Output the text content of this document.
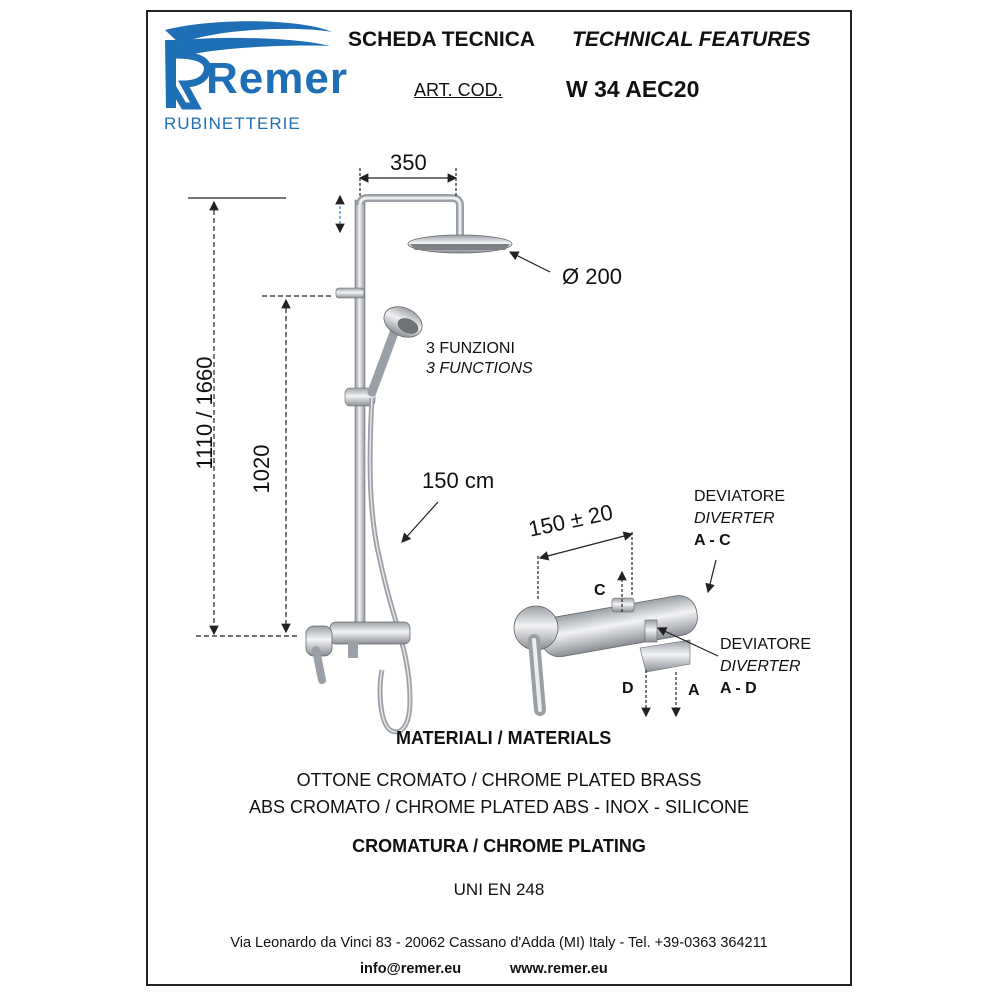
Remer
RUBINETTERIE
SCHEDA TECNICA TECHNICAL FEATURES
ART. COD.	W 34 AEC20
350
Ø 200
1110 / 1660 1020
3 FUNZIONI
3 FUNCTIONS
150 cm
150 ± 20
DEVIATORE
DIVERTER
A - C
DEVIATORE
DIVERTER
A - D
C
D	A
MATERIALI / MATERIALS
OTTONE CROMATO / CHROME PLATED BRASS
ABS CROMATO / CHROME PLATED ABS - INOX - SILICONE
CROMATURA / CHROME PLATING
UNI EN 248
Via Leonardo da Vinci 83 - 20062 Cassano d'Adda (MI) Italy - Tel. +39-0363 364211
info@remer.eu	www.remer.eu
